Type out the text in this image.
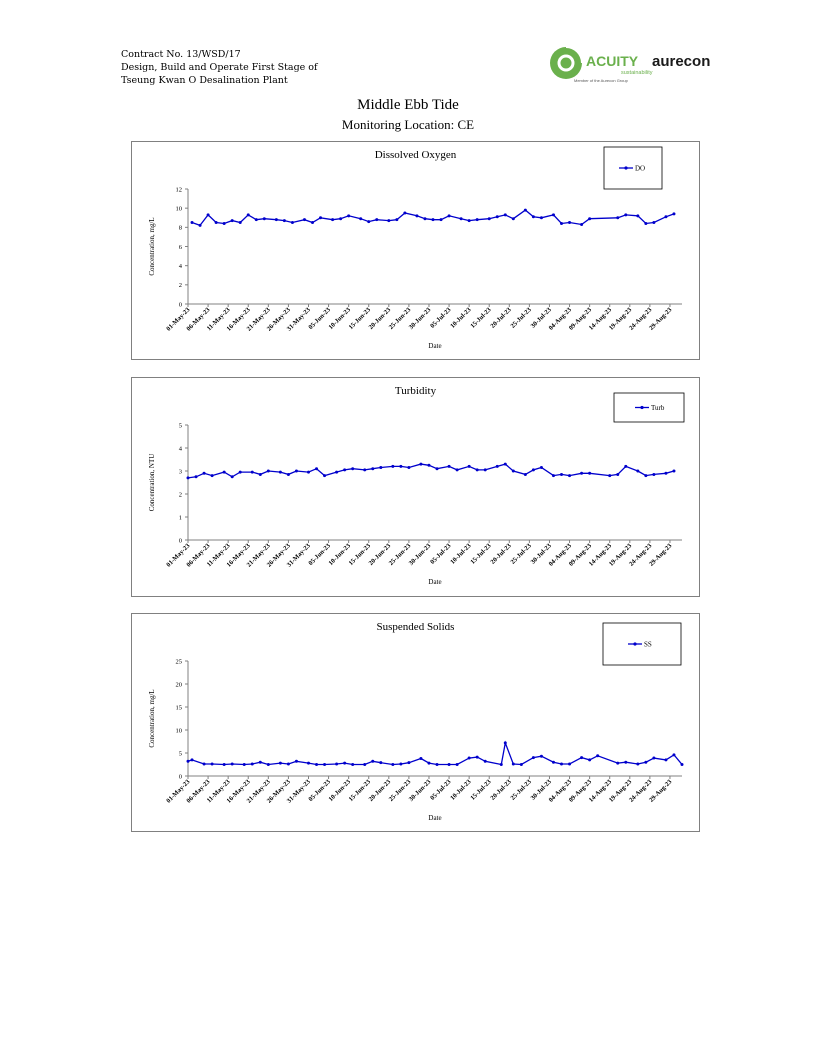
Contract No. 13/WSD/17
Design, Build and Operate First Stage of
Tseung Kwan O Desalination Plant
ACUITY
sustainability
Member of the Aurecon Group
aurecon
Middle Ebb Tide
Monitoring Location: CE
Dissolved Oxygen
0
2
4
6
8
10
12
Concentration, mg/L
01-May-23
06-May-23
11-May-23
16-May-23
21-May-23
26-May-23
31-May-23
05-Jun-23
10-Jun-23
15-Jun-23
20-Jun-23
25-Jun-23
30-Jun-23
05-Jul-23
10-Jul-23
15-Jul-23
20-Jul-23
25-Jul-23
30-Jul-23
04-Aug-23
09-Aug-23
14-Aug-23
19-Aug-23
24-Aug-23
29-Aug-23
Date
DO
Turbidity
0
1
2
3
4
5
Concentration, NTU
01-May-23
06-May-23
11-May-23
16-May-23
21-May-23
26-May-23
31-May-23
05-Jun-23
10-Jun-23
15-Jun-23
20-Jun-23
25-Jun-23
30-Jun-23
05-Jul-23
10-Jul-23
15-Jul-23
20-Jul-23
25-Jul-23
30-Jul-23
04-Aug-23
09-Aug-23
14-Aug-23
19-Aug-23
24-Aug-23
29-Aug-23
Date
Turb
Suspended Solids
0
5
10
15
20
25
Concentration, mg/L
01-May-23
06-May-23
11-May-23
16-May-23
21-May-23
26-May-23
31-May-23
05-Jun-23
10-Jun-23
15-Jun-23
20-Jun-23
25-Jun-23
30-Jun-23
05-Jul-23
10-Jul-23
15-Jul-23
20-Jul-23
25-Jul-23
30-Jul-23
04-Aug-23
09-Aug-23
14-Aug-23
19-Aug-23
24-Aug-23
29-Aug-23
Date
SS
